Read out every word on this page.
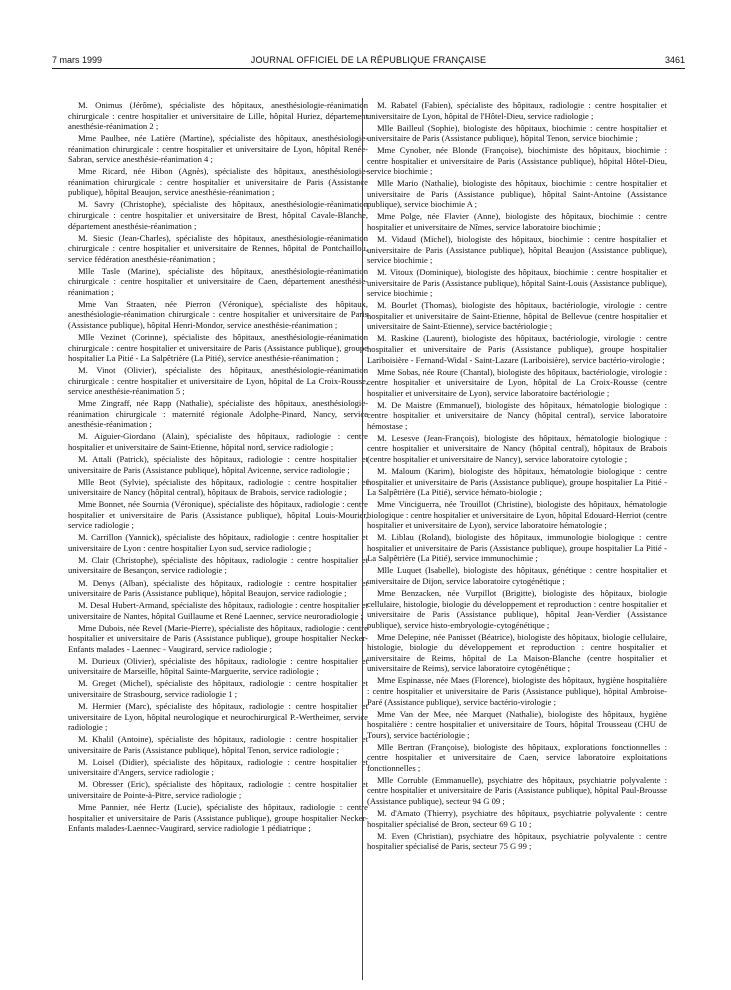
7 mars 1999	JOURNAL OFFICIEL DE LA RÉPUBLIQUE FRANÇAISE	3461

M. Onimus (Jérôme), spécialiste des hôpitaux, anesthésiologie-réanimation chirurgicale : centre hospitalier et universitaire de Lille, hôpital Huriez, département anesthésie-réanimation 2 ;

Mme Paulhee, née Latière (Martine), spécialiste des hôpitaux, anesthésiologie-réanimation chirurgicale : centre hospitalier et universitaire de Lyon, hôpital Renée-Sabran, service anesthésie-réanimation 4 ;

Mme Ricard, née Hibon (Agnès), spécialiste des hôpitaux, anesthésiologie-réanimation chirurgicale : centre hospitalier et universitaire de Paris (Assistance publique), hôpital Beaujon, service anesthésie-réanimation ;

M. Savry (Christophe), spécialiste des hôpitaux, anesthésiologie-réanimation chirurgicale : centre hospitalier et universitaire de Brest, hôpital Cavale-Blanche, département anesthésie-réanimation ;

M. Siesic (Jean-Charles), spécialiste des hôpitaux, anesthésiologie-réanimation chirurgicale : centre hospitalier et universitaire de Rennes, hôpital de Pontchaillou, service fédération anesthésie-réanimation ;

Mlle Tasle (Marine), spécialiste des hôpitaux, anesthésiologie-réanimation chirurgicale : centre hospitalier et universitaire de Caen, département anesthésie-réanimation ;

Mme Van Straaten, née Pierron (Véronique), spécialiste des hôpitaux, anesthésiologie-réanimation chirurgicale : centre hospitalier et universitaire de Paris (Assistance publique), hôpital Henri-Mondor, service anesthésie-réanimation ;

Mlle Vezinet (Corinne), spécialiste des hôpitaux, anesthésiologie-réanimation chirurgicale : centre hospitalier et universitaire de Paris (Assistance publique), groupe hospitalier La Pitié - La Salpêtrière (La Pitié), service anesthésie-réanimation ;

M. Vinot (Olivier), spécialiste des hôpitaux, anesthésiologie-réanimation chirurgicale : centre hospitalier et universitaire de Lyon, hôpital de La Croix-Rousse, service anesthésie-réanimation 5 ;

Mme Zingraff, née Rapp (Nathalie), spécialiste des hôpitaux, anesthésiologie-réanimation chirurgicale : maternité régionale Adolphe-Pinard, Nancy, service anesthésie-réanimation ;

M. Aiguier-Giordano (Alain), spécialiste des hôpitaux, radiologie : centre hospitalier et universitaire de Saint-Etienne, hôpital nord, service radiologie ;

M. Attali (Patrick), spécialiste des hôpitaux, radiologie : centre hospitalier et universitaire de Paris (Assistance publique), hôpital Avicenne, service radiologie ;

Mlle Beot (Sylvie), spécialiste des hôpitaux, radiologie : centre hospitalier et universitaire de Nancy (hôpital central), hôpitaux de Brabois, service radiologie ;

Mme Bonnet, née Sournia (Véronique), spécialiste des hôpitaux, radiologie : centre hospitalier et universitaire de Paris (Assistance publique), hôpital Louis-Mourier, service radiologie ;

M. Carrillon (Yannick), spécialiste des hôpitaux, radiologie : centre hospitalier et universitaire de Lyon : centre hospitalier Lyon sud, service radiologie ;

M. Clair (Christophe), spécialiste des hôpitaux, radiologie : centre hospitalier et universitaire de Besançon, service radiologie ;

M. Denys (Alban), spécialiste des hôpitaux, radiologie : centre hospitalier et universitaire de Paris (Assistance publique), hôpital Beaujon, service radiologie ;

M. Desal Hubert-Armand, spécialiste des hôpitaux, radiologie : centre hospitalier et universitaire de Nantes, hôpital Guillaume et René Laennec, service neuroradiologie ;

Mme Dubois, née Revel (Marie-Pierre), spécialiste des hôpitaux, radiologie : centre hospitalier et universitaire de Paris (Assistance publique), groupe hospitalier Necker-Enfants malades - Laennec - Vaugirard, service radiologie ;

M. Durieux (Olivier), spécialiste des hôpitaux, radiologie : centre hospitalier et universitaire de Marseille, hôpital Sainte-Marguerite, service radiologie ;

M. Greget (Michel), spécialiste des hôpitaux, radiologie : centre hospitalier et universitaire de Strasbourg, service radiologie 1 ;

M. Hermier (Marc), spécialiste des hôpitaux, radiologie : centre hospitalier et universitaire de Lyon, hôpital neurologique et neurochirurgical P.-Wertheimer, service radiologie ;

M. Khalil (Antoine), spécialiste des hôpitaux, radiologie : centre hospitalier et universitaire de Paris (Assistance publique), hôpital Tenon, service radiologie ;

M. Loisel (Didier), spécialiste des hôpitaux, radiologie : centre hospitalier et universitaire d'Angers, service radiologie ;

M. Obresser (Eric), spécialiste des hôpitaux, radiologie : centre hospitalier et universitaire de Pointe-à-Pitre, service radiologie ;

Mme Pannier, née Hertz (Lucie), spécialiste des hôpitaux, radiologie : centre hospitalier et universitaire de Paris (Assistance publique), groupe hospitalier Necker-Enfants malades-Laennec-Vaugirard, service radiologie 1 pédiatrique ;

M. Rabatel (Fabien), spécialiste des hôpitaux, radiologie : centre hospitalier et universitaire de Lyon, hôpital de l'Hôtel-Dieu, service radiologie ;

Mlle Bailleul (Sophie), biologiste des hôpitaux, biochimie : centre hospitalier et universitaire de Paris (Assistance publique), hôpital Tenon, service biochimie ;

Mme Cynober, née Blonde (Françoise), biochimiste des hôpitaux, biochimie : centre hospitalier et universitaire de Paris (Assistance publique), hôpital Hôtel-Dieu, service biochimie ;

Mlle Mario (Nathalie), biologiste des hôpitaux, biochimie : centre hospitalier et universitaire de Paris (Assistance publique), hôpital Saint-Antoine (Assistance publique), service biochimie A ;

Mme Polge, née Flavier (Anne), biologiste des hôpitaux, biochimie : centre hospitalier et universitaire de Nîmes, service laboratoire biochimie ;

M. Vidaud (Michel), biologiste des hôpitaux, biochimie : centre hospitalier et universitaire de Paris (Assistance publique), hôpital Beaujon (Assistance publique), service biochimie ;

M. Vitoux (Dominique), biologiste des hôpitaux, biochimie : centre hospitalier et universitaire de Paris (Assistance publique), hôpital Saint-Louis (Assistance publique), service biochimie ;

M. Bourlet (Thomas), biologiste des hôpitaux, bactériologie, virologie : centre hospitalier et universitaire de Saint-Etienne, hôpital de Bellevue (centre hospitalier et universitaire de Saint-Etienne), service bactériologie ;

M. Raskine (Laurent), biologiste des hôpitaux, bactériologie, virologie : centre hospitalier et universitaire de Paris (Assistance publique), groupe hospitalier Lariboisière - Fernand-Widal - Saint-Lazare (Lariboisière), service bactério-virologie ;

Mme Sobas, née Roure (Chantal), biologiste des hôpitaux, bactériologie, virologie : centre hospitalier et universitaire de Lyon, hôpital de La Croix-Rousse (centre hospitalier et universitaire de Lyon), service laboratoire bactériologie ;

M. De Maistre (Emmanuel), biologiste des hôpitaux, hématologie biologique : centre hospitalier et universitaire de Nancy (hôpital central), service laboratoire hémostase ;

M. Lesesve (Jean-François), biologiste des hôpitaux, hématologie biologique : centre hospitalier et universitaire de Nancy (hôpital central), hôpitaux de Brabois (centre hospitalier et universitaire de Nancy), service laboratoire cytologie ;

M. Maloum (Karim), biologiste des hôpitaux, hématologie biologique : centre hospitalier et universitaire de Paris (Assistance publique), groupe hospitalier La Pitié - La Salpêtrière (La Pitié), service hémato-biologie ;

Mme Vinciguerra, née Trouillot (Christine), biologiste des hôpitaux, hématologie biologique : centre hospitalier et universitaire de Lyon, hôpital Edouard-Herriot (centre hospitalier et universitaire de Lyon), service laboratoire hématologie ;

M. Liblau (Roland), biologiste des hôpitaux, immunologie biologique : centre hospitalier et universitaire de Paris (Assistance publique), groupe hospitalier La Pitié - La Salpêtrière (La Pitié), service immunochimie ;

Mlle Luquet (Isabelle), biologiste des hôpitaux, génétique : centre hospitalier et universitaire de Dijon, service laboratoire cytogénétique ;

Mme Benzacken, née Vurpillot (Brigitte), biologiste des hôpitaux, biologie cellulaire, histologie, biologie du développement et reproduction : centre hospitalier et universitaire de Paris (Assistance publique), hôpital Jean-Verdier (Assistance publique), service histo-embryologie-cytogénétique ;

Mme Delepine, née Panisset (Béatrice), biologiste des hôpitaux, biologie cellulaire, histologie, biologie du développement et reproduction : centre hospitalier et universitaire de Reims, hôpital de La Maison-Blanche (centre hospitalier et universitaire de Reims), service laboratoire cytogénétique ;

Mme Espinasse, née Maes (Florence), biologiste des hôpitaux, hygiène hospitalière : centre hospitalier et universitaire de Paris (Assistance publique), hôpital Ambroise-Paré (Assistance publique), service bactério-virologie ;

Mme Van der Mee, née Marquet (Nathalie), biologiste des hôpitaux, hygiène hospitalière : centre hospitalier et universitaire de Tours, hôpital Trousseau (CHU de Tours), service bactériologie ;

Mlle Bertran (Françoise), biologiste des hôpitaux, explorations fonctionnelles : centre hospitalier et universitaire de Caen, service laboratoire exploitations fonctionnelles ;

Mlle Corruble (Emmanuelle), psychiatre des hôpitaux, psychiatrie polyvalente : centre hospitalier et universitaire de Paris (Assistance publique), hôpital Paul-Brousse (Assistance publique), secteur 94 G 09 ;

M. d'Amato (Thierry), psychiatre des hôpitaux, psychiatrie polyvalente : centre hospitalier spécialisé de Bron, secteur 69 G 10 ;

M. Even (Christian), psychiatre des hôpitaux, psychiatrie polyvalente : centre hospitalier spécialisé de Paris, secteur 75 G 99 ;
